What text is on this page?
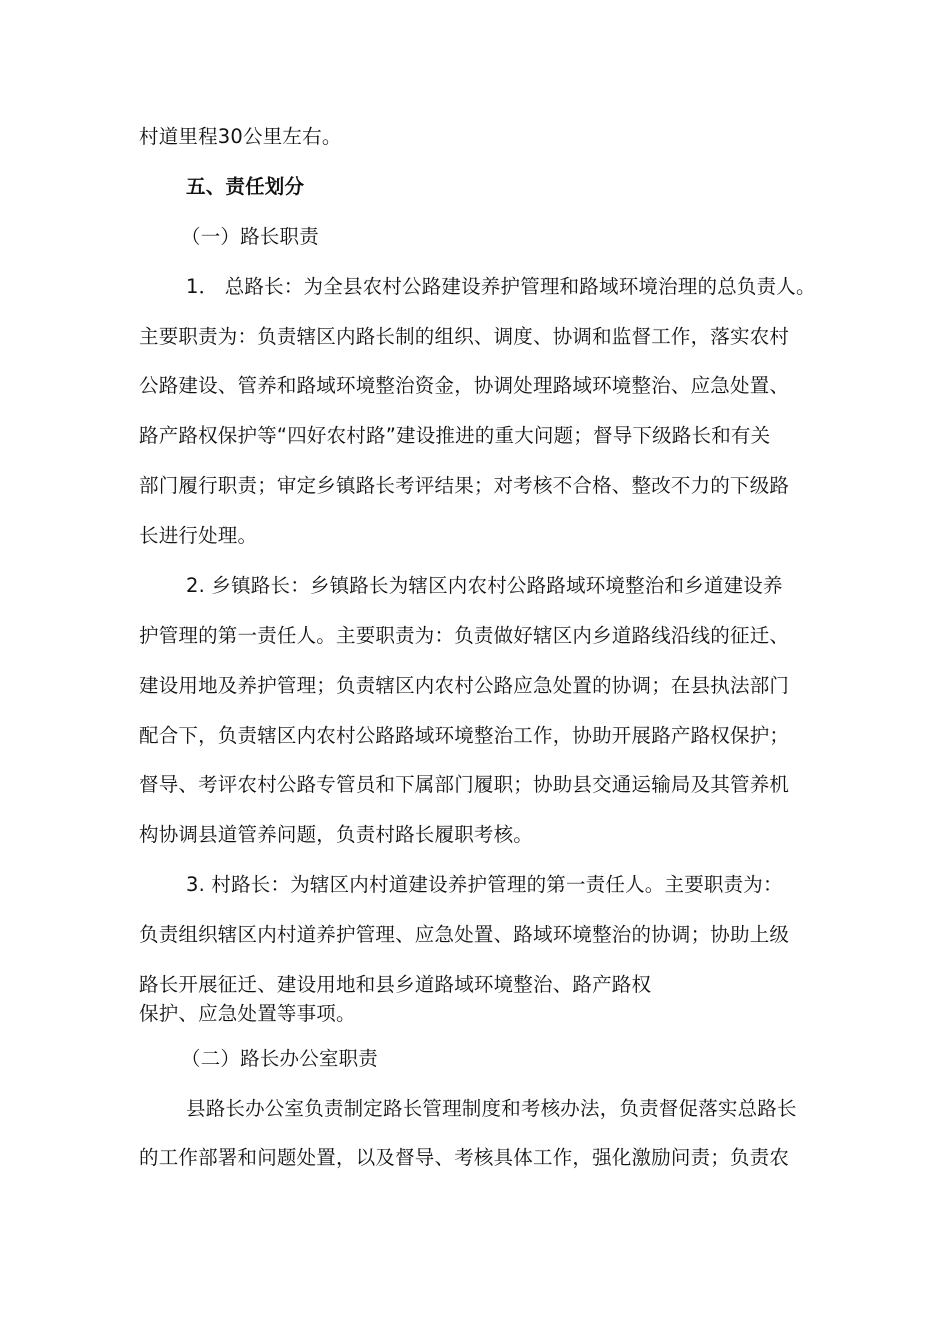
村道里程30公里左右。
五、责任划分
（一）路长职责
1． 总路长：为全县农村公路建设养护管理和路域环境治理的总负责人。
主要职责为：负责辖区内路长制的组织、调度、协调和监督工作，落实农村
公路建设、管养和路域环境整治资金，协调处理路域环境整治、应急处置、
路产路权保护等“四好农村路”建设推进的重大问题；督导下级路长和有关
部门履行职责；审定乡镇路长考评结果；对考核不合格、整改不力的下级路
长进行处理。
2. 乡镇路长：乡镇路长为辖区内农村公路路域环境整治和乡道建设养
护管理的第一责任人。主要职责为：负责做好辖区内乡道路线沿线的征迁、
建设用地及养护管理；负责辖区内农村公路应急处置的协调；在县执法部门
配合下，负责辖区内农村公路路域环境整治工作，协助开展路产路权保护；
督导、考评农村公路专管员和下属部门履职；协助县交通运输局及其管养机
构协调县道管养问题，负责村路长履职考核。
3. 村路长：为辖区内村道建设养护管理的第一责任人。主要职责为：
负责组织辖区内村道养护管理、应急处置、路域环境整治的协调；协助上级
路长开展征迁、建设用地和县乡道路域环境整治、路产路权
保护、应急处置等事项。
（二）路长办公室职责
县路长办公室负责制定路长管理制度和考核办法，负责督促落实总路长
的工作部署和问题处置，以及督导、考核具体工作，强化激励问责；负责农
